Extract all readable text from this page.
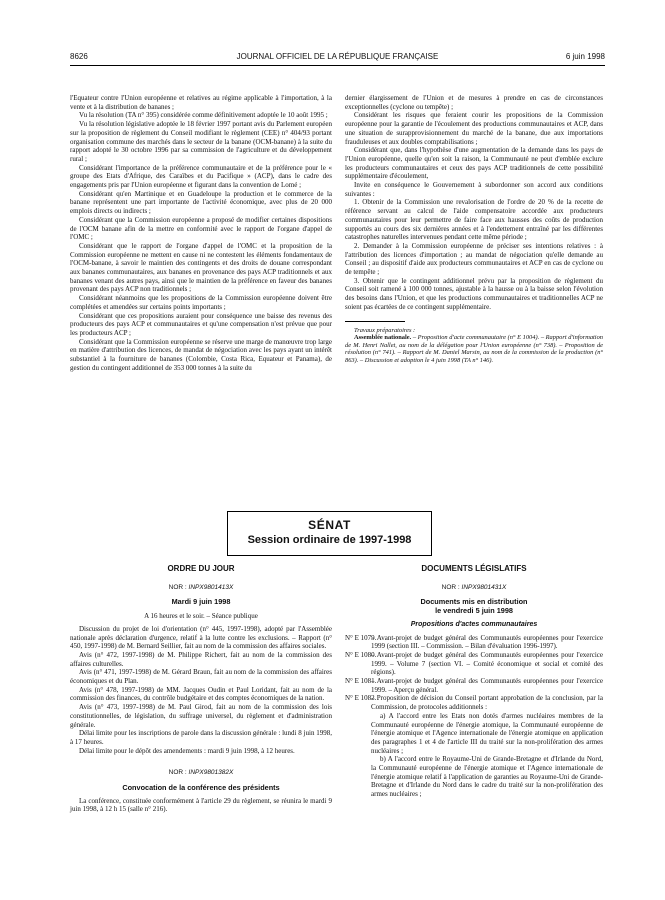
8626	JOURNAL OFFICIEL DE LA RÉPUBLIQUE FRANÇAISE	6 juin 1998

l'Equateur contre l'Union européenne et relatives au régime applicable à l'importation, à la vente et à la distribution de bananes ;

Vu la résolution (TA n° 395) considérée comme définitivement adoptée le 10 août 1995 ;

Vu la résolution législative adoptée le 18 février 1997 portant avis du Parlement européen sur la proposition de règlement du Conseil modifiant le règlement (CEE) n° 404/93 portant organisation commune des marchés dans le secteur de la banane (OCM-banane) à la suite du rapport adopté le 30 octobre 1996 par sa commission de l'agriculture et du développement rural ;

Considérant l'importance de la préférence communautaire et de la préférence pour le « groupe des Etats d'Afrique, des Caraïbes et du Pacifique » (ACP), dans le cadre des engagements pris par l'Union européenne et figurant dans la convention de Lomé ;

Considérant qu'en Martinique et en Guadeloupe la production et le commerce de la banane représentent une part importante de l'activité économique, avec plus de 20 000 emplois directs ou indirects ;

Considérant que la Commission européenne a proposé de modifier certaines dispositions de l'OCM banane afin de la mettre en conformité avec le rapport de l'organe d'appel de l'OMC ;

Considérant que le rapport de l'organe d'appel de l'OMC et la proposition de la Commission européenne ne mettent en cause ni ne contestent les éléments fondamentaux de l'OCM-banane, à savoir le maintien des contingents et des droits de douane correspondant aux bananes communautaires, aux bananes en provenance des pays ACP traditionnels et aux bananes venant des autres pays, ainsi que le maintien de la préférence en faveur des bananes provenant des pays ACP non traditionnels ;

Considérant néanmoins que les propositions de la Commission européenne doivent être complétées et amendées sur certains points importants ;

Considérant que ces propositions auraient pour conséquence une baisse des revenus des producteurs des pays ACP et communautaires et qu'une compensation n'est prévue que pour les producteurs ACP ;

Considérant que la Commission européenne se réserve une marge de manœuvre trop large en matière d'attribution des licences, de mandat de négociation avec les pays ayant un intérêt substantiel à la fourniture de bananes (Colombie, Costa Rica, Equateur et Panama), de gestion du contingent additionnel de 353 000 tonnes à la suite du

dernier élargissement de l'Union et de mesures à prendre en cas de circonstances exceptionnelles (cyclone ou tempête) ;

Considérant les risques que feraient courir les propositions de la Commission européenne pour la garantie de l'écoulement des productions communautaires et ACP, dans une situation de surapprovisionnement du marché de la banane, due aux importations frauduleuses et aux doubles comptabilisations ;

Considérant que, dans l'hypothèse d'une augmentation de la demande dans les pays de l'Union européenne, quelle qu'en soit la raison, la Communauté ne peut d'emblée exclure les producteurs communautaires et ceux des pays ACP traditionnels de cette possibilité supplémentaire d'écoulement,

Invite en conséquence le Gouvernement à subordonner son accord aux conditions suivantes :

1. Obtenir de la Commission une revalorisation de l'ordre de 20 % de la recette de référence servant au calcul de l'aide compensatoire accordée aux producteurs communautaires pour leur permettre de faire face aux hausses des coûts de production supportés au cours des six dernières années et à l'endettement entraîné par les différentes catastrophes naturelles intervenues pendant cette même période ;

2. Demander à la Commission européenne de préciser ses intentions relatives : à l'attribution des licences d'importation ; au mandat de négociation qu'elle demande au Conseil ; au dispositif d'aide aux producteurs communautaires et ACP en cas de cyclone ou de tempête ;

3. Obtenir que le contingent additionnel prévu par la proposition de règlement du Conseil soit ramené à 100 000 tonnes, ajustable à la hausse ou à la baisse selon l'évolution des besoins dans l'Union, et que les productions communautaires et traditionnelles ACP ne soient pas écartées de ce contingent supplémentaire.

Travaux préparatoires :

Assemblée nationale. – Proposition d'acte communautaire (n° E 1004). – Rapport d'information de M. Henri Nallet, au nom de la délégation pour l'Union européenne (n° 738). – Proposition de résolution (n° 741). – Rapport de M. Daniel Marsin, au nom de la commission de la production (n° 863). – Discussion et adoption le 4 juin 1998 (TA n° 146).

SÉNAT
Session ordinaire de 1997-1998
ORDRE DU JOUR
NOR : INPX9801413X
Mardi 9 juin 1998

A 16 heures et le soir. – Séance publique

Discussion du projet de loi d'orientation (n° 445, 1997-1998), adopté par l'Assemblée nationale après déclaration d'urgence, relatif à la lutte contre les exclusions. – Rapport (n° 450, 1997-1998) de M. Bernard Seillier, fait au nom de la commission des affaires sociales.

Avis (n° 472, 1997-1998) de M. Philippe Richert, fait au nom de la commission des affaires culturelles.

Avis (n° 471, 1997-1998) de M. Gérard Braun, fait au nom de la commission des affaires économiques et du Plan.

Avis (n° 478, 1997-1998) de MM. Jacques Oudin et Paul Loridant, fait au nom de la commission des finances, du contrôle budgétaire et des comptes économiques de la nation.

Avis (n° 473, 1997-1998) de M. Paul Girod, fait au nom de la commission des lois constitutionnelles, de législation, du suffrage universel, du règlement et d'administration générale.

Délai limite pour les inscriptions de parole dans la discussion générale : lundi 8 juin 1998, à 17 heures.

Délai limite pour le dépôt des amendements : mardi 9 juin 1998, à 12 heures.

NOR : INPX9801382X
Convocation de la conférence des présidents

La conférence, constituée conformément à l'article 29 du règlement, se réunira le mardi 9 juin 1998, à 12 h 15 (salle n° 216).

DOCUMENTS LÉGISLATIFS
NOR : INPX9801431X
Documents mis en distribution
le vendredi 5 juin 1998
Propositions d'actes communautaires

N° E 1079.
– Avant-projet de budget général des Communautés européennes pour l'exercice 1999 (section III. – Commission. – Bilan d'évaluation 1996-1997).

N° E 1080.
– Avant-projet de budget général des Communautés européennes pour l'exercice 1999. – Volume 7 (section VI. – Comité économique et social et comité des régions).

N° E 1081.
– Avant-projet de budget général des Communautés européennes pour l'exercice 1999. – Aperçu général.

N° E 1082.
– Proposition de décision du Conseil portant approbation de la conclusion, par la Commission, de protocoles additionnels :

a) A l'accord entre les Etats non dotés d'armes nucléaires membres de la Communauté européenne de l'énergie atomique, la Communauté européenne de l'énergie atomique et l'Agence internationale de l'énergie atomique en application des paragraphes 1 et 4 de l'article III du traité sur la non-prolifération des armes nucléaires ;

b) A l'accord entre le Royaume-Uni de Grande-Bretagne et d'Irlande du Nord, la Communauté européenne de l'énergie atomique et l'Agence internationale de l'énergie atomique relatif à l'application de garanties au Royaume-Uni de Grande-Bretagne et d'Irlande du Nord dans le cadre du traité sur la non-prolifération des armes nucléaires ;
